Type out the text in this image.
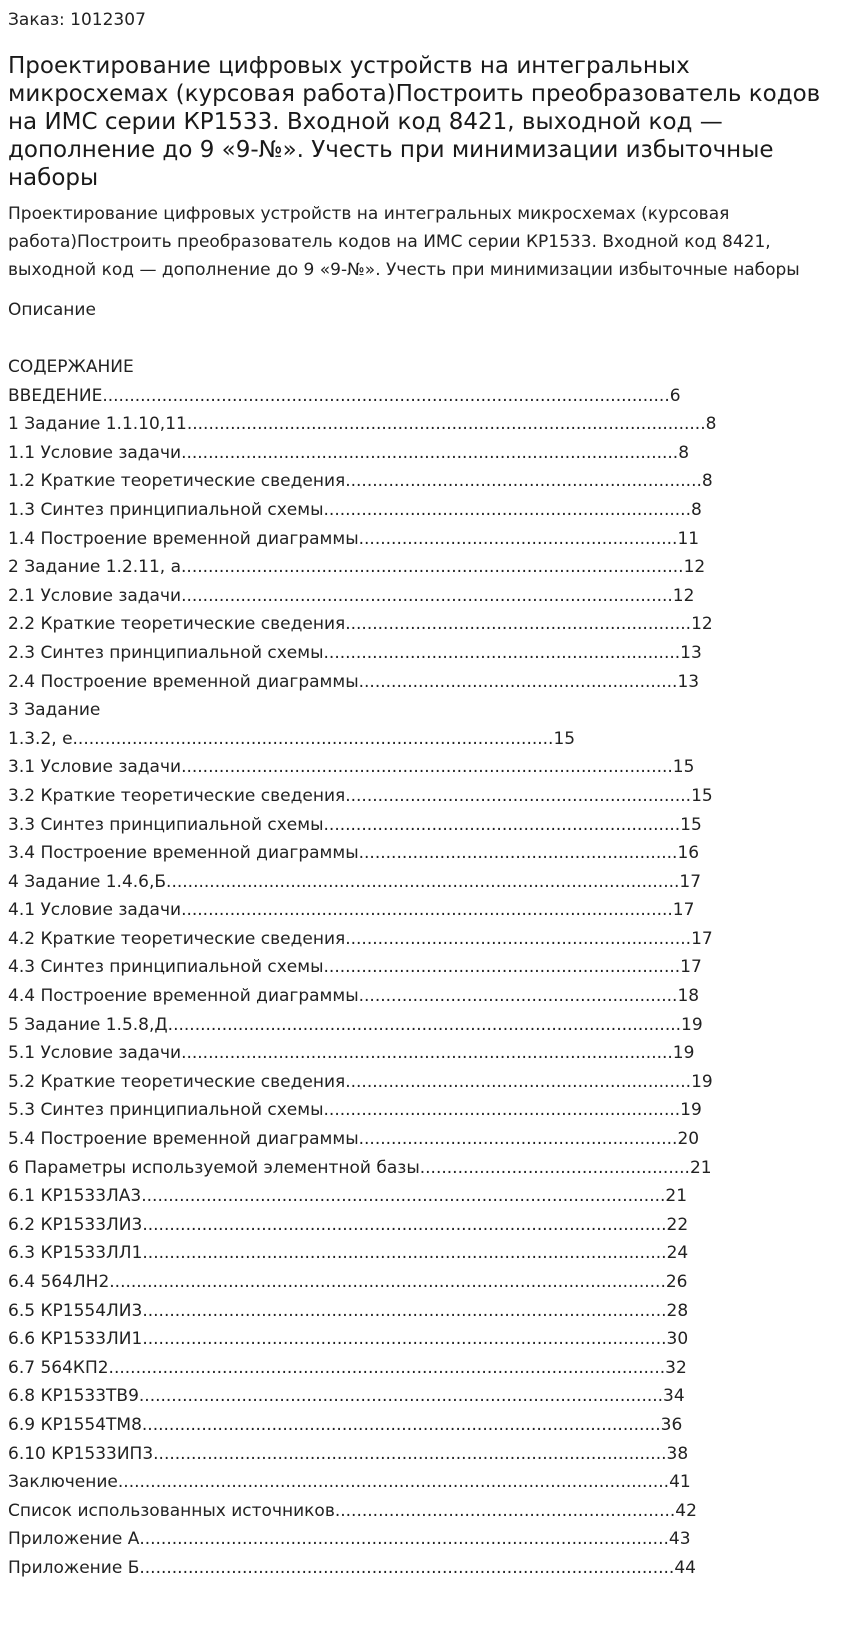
Заказ: 1012307
Проектирование цифровых устройств на интегральных микросхемах (курсовая работа)Построить преобразователь кодов на ИМС серии КР1533. Входной код 8421, выходной код — дополнение до 9 «9-№». Учесть при минимизации избыточные наборы

Проектирование цифровых устройств на интегральных микросхемах (курсовая работа)Построить преобразователь кодов на ИМС серии КР1533. Входной код 8421, выходной код — дополнение до 9 «9-№». Учесть при минимизации избыточные наборы

Описание
СОДЕРЖАНИЕ
ВВЕДЕНИЕ.........................................................................................................6
1 Задание 1.1.10,11................................................................................................8
1.1 Условие задачи............................................................................................8
1.2 Краткие теоретические сведения..................................................................8
1.3 Синтез принципиальной схемы....................................................................8
1.4 Построение временной диаграммы...........................................................11
2 Задание 1.2.11, а.............................................................................................12
2.1 Условие задачи...........................................................................................12
2.2 Краткие теоретические сведения................................................................12
2.3 Синтез принципиальной схемы..................................................................13
2.4 Построение временной диаграммы...........................................................13
3 Задание
1.3.2, е.........................................................................................15
3.1 Условие задачи...........................................................................................15
3.2 Краткие теоретические сведения................................................................15
3.3 Синтез принципиальной схемы..................................................................15
3.4 Построение временной диаграммы...........................................................16
4 Задание 1.4.6,Б...............................................................................................17
4.1 Условие задачи...........................................................................................17
4.2 Краткие теоретические сведения................................................................17
4.3 Синтез принципиальной схемы..................................................................17
4.4 Построение временной диаграммы...........................................................18
5 Задание 1.5.8,Д...............................................................................................19
5.1 Условие задачи...........................................................................................19
5.2 Краткие теоретические сведения................................................................19
5.3 Синтез принципиальной схемы..................................................................19
5.4 Построение временной диаграммы...........................................................20
6 Параметры используемой элементной базы..................................................21
6.1 КР1533ЛА3.................................................................................................21
6.2 КР1533ЛИ3.................................................................................................22
6.3 КР1533ЛЛ1.................................................................................................24
6.4 564ЛН2.......................................................................................................26
6.5 КР1554ЛИ3.................................................................................................28
6.6 КР1533ЛИ1.................................................................................................30
6.7 564КП2.......................................................................................................32
6.8 КР1533ТВ9.................................................................................................34
6.9 КР1554ТМ8................................................................................................36
6.10 КР1533ИП3...............................................................................................38
Заключение......................................................................................................41
Список использованных источников...............................................................42
Приложение А..................................................................................................43
Приложение Б...................................................................................................44
